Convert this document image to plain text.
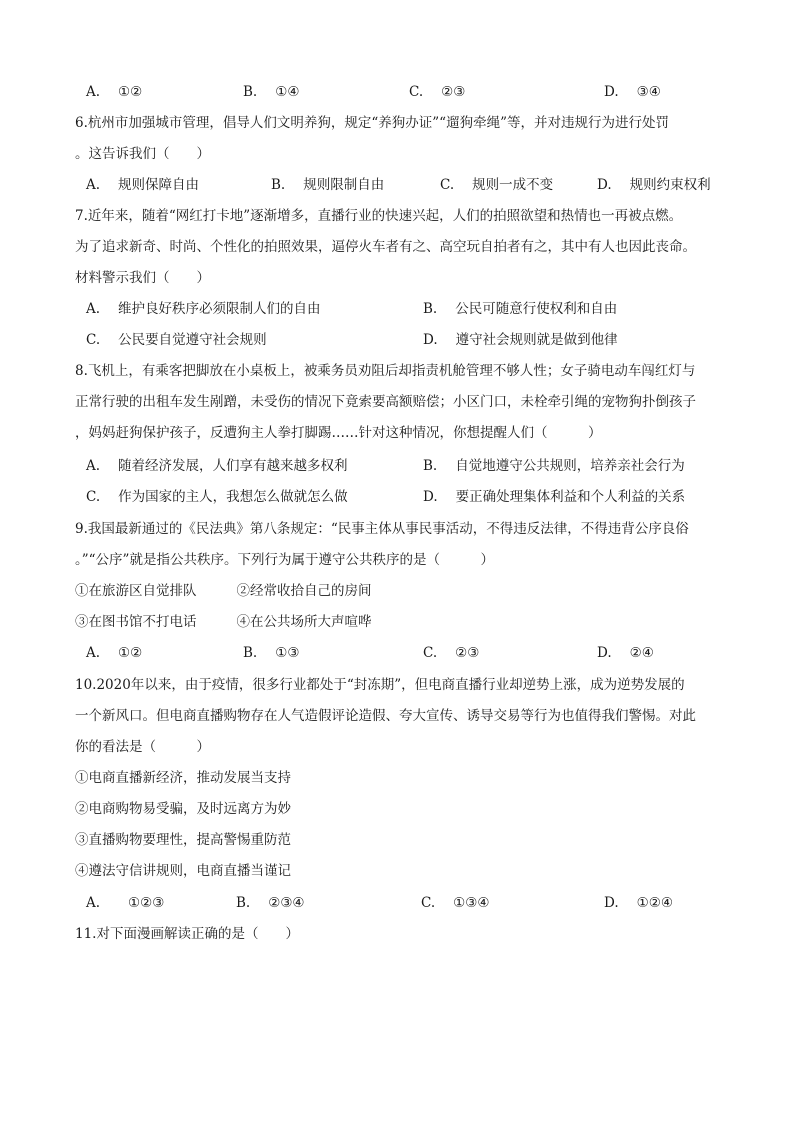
A. ①②	B. ①④	C. ②③	D. ③④
6.杭州市加强城市管理，倡导人们文明养狗，规定“养狗办证”“遛狗牵绳”等，并对违规行为进行处罚
。这告诉我们（　　）
A. 规则保障自由	B. 规则限制自由	C. 规则一成不变	D. 规则约束权利
7.近年来，随着“网红打卡地”逐渐增多，直播行业的快速兴起，人们的拍照欲望和热情也一再被点燃。
为了追求新奇、时尚、个性化的拍照效果，逼停火车者有之、高空玩自拍者有之，其中有人也因此丧命。
材料警示我们（　　）
A. 维护良好秩序必须限制人们的自由	B. 公民可随意行使权利和自由
C. 公民要自觉遵守社会规则	D. 遵守社会规则就是做到他律
8.飞机上，有乘客把脚放在小桌板上，被乘务员劝阻后却指责机舱管理不够人性；女子骑电动车闯红灯与
正常行驶的出租车发生剐蹭，未受伤的情况下竟索要高额赔偿；小区门口，未栓牵引绳的宠物狗扑倒孩子
，妈妈赶狗保护孩子，反遭狗主人拳打脚踢……针对这种情况，你想提醒人们（　　　）
A. 随着经济发展，人们享有越来越多权利	B. 自觉地遵守公共规则，培养亲社会行为
C. 作为国家的主人，我想怎么做就怎么做	D. 要正确处理集体利益和个人利益的关系
9.我国最新通过的《民法典》第八条规定：“民事主体从事民事活动，不得违反法律，不得违背公序良俗
。”“公序”就是指公共秩序。下列行为属于遵守公共秩序的是（　　　）
①在旅游区自觉排队	②经常收拾自己的房间
③在图书馆不打电话	④在公共场所大声喧哗
A. ①②	B. ①③	C. ②③	D. ②④
10.2020年以来，由于疫情，很多行业都处于“封冻期”，但电商直播行业却逆势上涨，成为逆势发展的
一个新风口。但电商直播购物存在人气造假评论造假、夸大宣传、诱导交易等行为也值得我们警惕。对此
你的看法是（　　　）
①电商直播新经济，推动发展当支持
②电商购物易受骗，及时远离方为妙
③直播购物要理性，提高警惕重防范
④遵法守信讲规则，电商直播当谨记
A. ①②③	B. ②③④	C. ①③④	D. ①②④
11.对下面漫画解读正确的是（　　）
